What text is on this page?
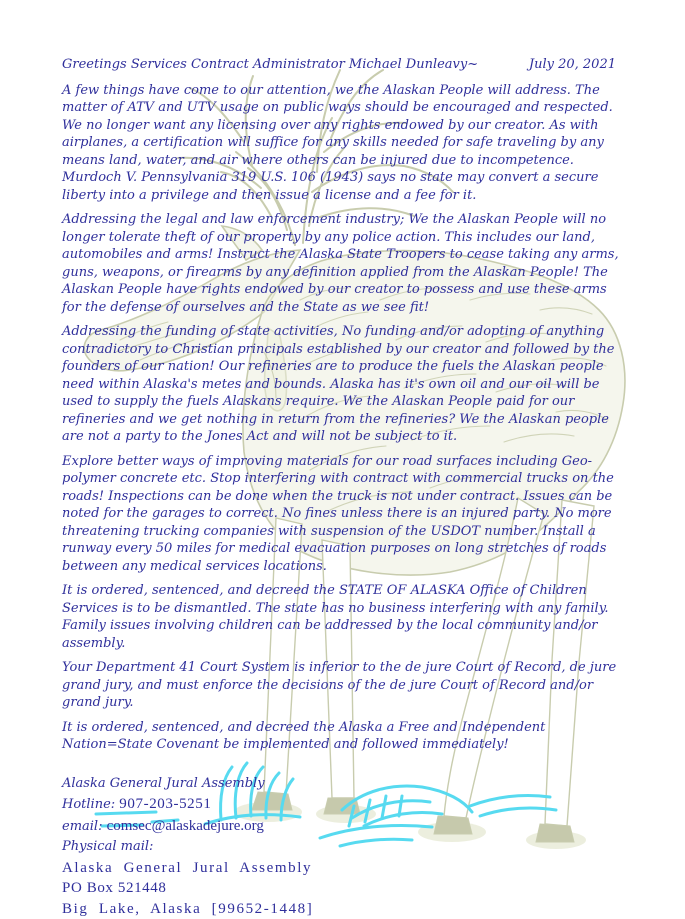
Greetings Services Contract Administrator Michael Dunleavy~	July 20, 2021

A few things have come to our attention, we the Alaskan People will address. The matter of ATV and UTV usage on public ways should be encouraged and respected. We no longer want any licensing over any rights endowed by our creator. As with airplanes, a certification will suffice for any skills needed for safe traveling by any means land, water, and air where others can be injured due to incompetence. Murdoch V. Pennsylvania 319 U.S. 106 (1943) says no state may convert a secure liberty into a privilege and then issue a license and a fee for it.

Addressing the legal and law enforcement industry; We the Alaskan People will no longer tolerate theft of our property by any police action. This includes our land, automobiles and arms! Instruct the Alaska State Troopers to cease taking any arms, guns, weapons, or firearms by any definition applied from the Alaskan People! The Alaskan People have rights endowed by our creator to possess and use these arms for the defense of ourselves and the State as we see fit!

Addressing the funding of state activities, No funding and/or adopting of anything contradictory to Christian principals established by our creator and followed by the founders of our nation! Our refineries are to produce the fuels the Alaskan people need within Alaska's metes and bounds. Alaska has it's own oil and our oil will be used to supply the fuels Alaskans require. We the Alaskan People paid for our refineries and we get nothing in return from the refineries? We the Alaskan people are not a party to the Jones Act and will not be subject to it.

Explore better ways of improving materials for our road surfaces including Geo-polymer concrete etc. Stop interfering with contract with commercial trucks on the roads! Inspections can be done when the truck is not under contract. Issues can be noted for the garages to correct. No fines unless there is an injured party. No more threatening trucking companies with suspension of the USDOT number. Install a runway every 50 miles for medical evacuation purposes on long stretches of roads between any medical services locations.

It is ordered, sentenced, and decreed the STATE OF ALASKA Office of Children Services is to be dismantled. The state has no business interfering with any family. Family issues involving children can be addressed by the local community and/or assembly.

Your Department 41 Court System is inferior to the de jure Court of Record, de jure grand jury, and must enforce the decisions of the de jure Court of Record and/or grand jury.

It is ordered, sentenced, and decreed the Alaska a Free and Independent Nation=State Covenant be implemented and followed immediately!

Alaska General Jural Assembly
Hotline: 907-203-5251
email: comsec@alaskadejure.org
Physical mail:
Alaska General Jural Assembly
PO Box 521448
Big Lake, Alaska [99652-1448]
